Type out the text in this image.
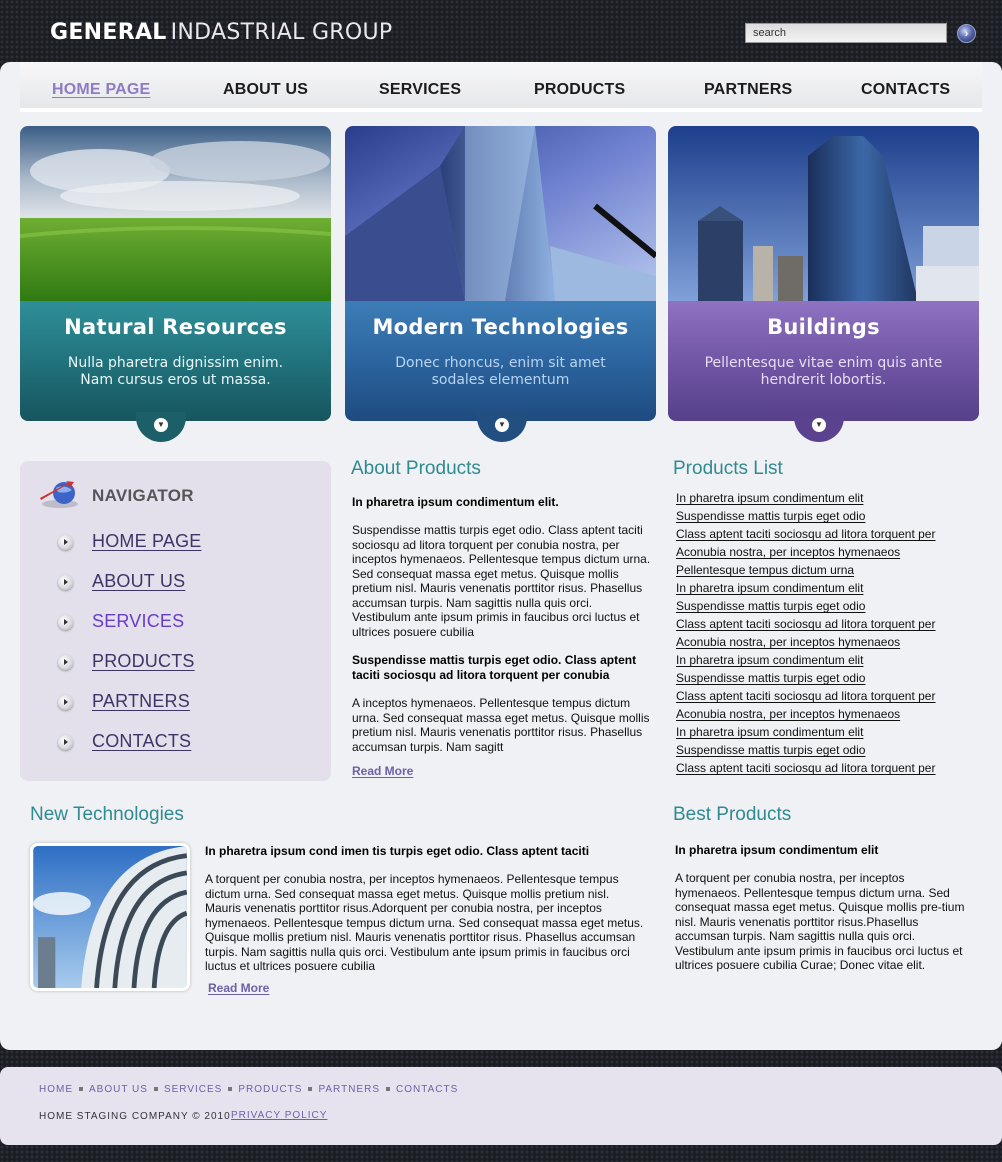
GENERAL INDASTRIAL GROUP
search	›
HOME PAGE	ABOUT US	SERVICES	PRODUCTS	PARTNERS	CONTACTS
Natural Resources
Nulla pharetra dignissim enim. Nam cursus eros ut massa.
▼
Modern Technologies
Donec rhoncus, enim sit amet sodales elementum
▼
Buildings
Pellentesque vitae enim quis ante hendrerit lobortis.
▼
NAVIGATOR
HOME PAGE
ABOUT US
SERVICES
PRODUCTS
PARTNERS
CONTACTS
About Products

In pharetra ipsum condimentum elit.

Suspendisse mattis turpis eget odio. Class aptent taciti sociosqu ad litora torquent per conubia nostra, per inceptos hymenaeos. Pellentesque tempus dictum urna. Sed consequat massa eget metus. Quisque mollis pretium nisl. Mauris venenatis porttitor risus. Phasellus accumsan turpis. Nam sagittis nulla quis orci. Vestibulum ante ipsum primis in faucibus orci luctus et ultrices posuere cubilia

Suspendisse mattis turpis eget odio. Class aptent taciti sociosqu ad litora torquent per conubia

A inceptos hymenaeos. Pellentesque tempus dictum urna. Sed consequat massa eget metus. Quisque mollis pretium nisl. Mauris venenatis porttitor risus. Phasellus accumsan turpis. Nam sagitt

Read More
Products List
In pharetra ipsum condimentum elit
Suspendisse mattis turpis eget odio
Class aptent taciti sociosqu ad litora torquent per
Aconubia nostra, per inceptos hymenaeos
Pellentesque tempus dictum urna
In pharetra ipsum condimentum elit
Suspendisse mattis turpis eget odio
Class aptent taciti sociosqu ad litora torquent per
Aconubia nostra, per inceptos hymenaeos
In pharetra ipsum condimentum elit
Suspendisse mattis turpis eget odio
Class aptent taciti sociosqu ad litora torquent per
Aconubia nostra, per inceptos hymenaeos
In pharetra ipsum condimentum elit
Suspendisse mattis turpis eget odio
Class aptent taciti sociosqu ad litora torquent per
New Technologies

In pharetra ipsum cond imen tis turpis eget odio. Class aptent taciti

A torquent per conubia nostra, per inceptos hymenaeos. Pellentesque tempus dictum urna. Sed consequat massa eget metus. Quisque mollis pretium nisl. Mauris venenatis porttitor risus.Adorquent per conubia nostra, per inceptos hymenaeos. Pellentesque tempus dictum urna. Sed consequat massa eget metus. Quisque mollis pretium nisl. Mauris venenatis porttitor risus. Phasellus accumsan turpis. Nam sagittis nulla quis orci. Vestibulum ante ipsum primis in faucibus orci luctus et ultrices posuere cubilia

Read More
Best Products

In pharetra ipsum condimentum elit

A torquent per conubia nostra, per inceptos hymenaeos. Pellentesque tempus dictum urna. Sed consequat massa eget metus. Quisque mollis pre-tium nisl. Mauris venenatis porttitor risus.Phasellus accumsan turpis. Nam sagittis nulla quis orci. Vestibulum ante ipsum primis in faucibus orci luctus et ultrices posuere cubilia Curae; Donec vitae elit.

HOME ABOUT US SERVICES PRODUCTS PARTNERS CONTACTS
HOME STAGING COMPANY © 2010 PRIVACY POLICY
